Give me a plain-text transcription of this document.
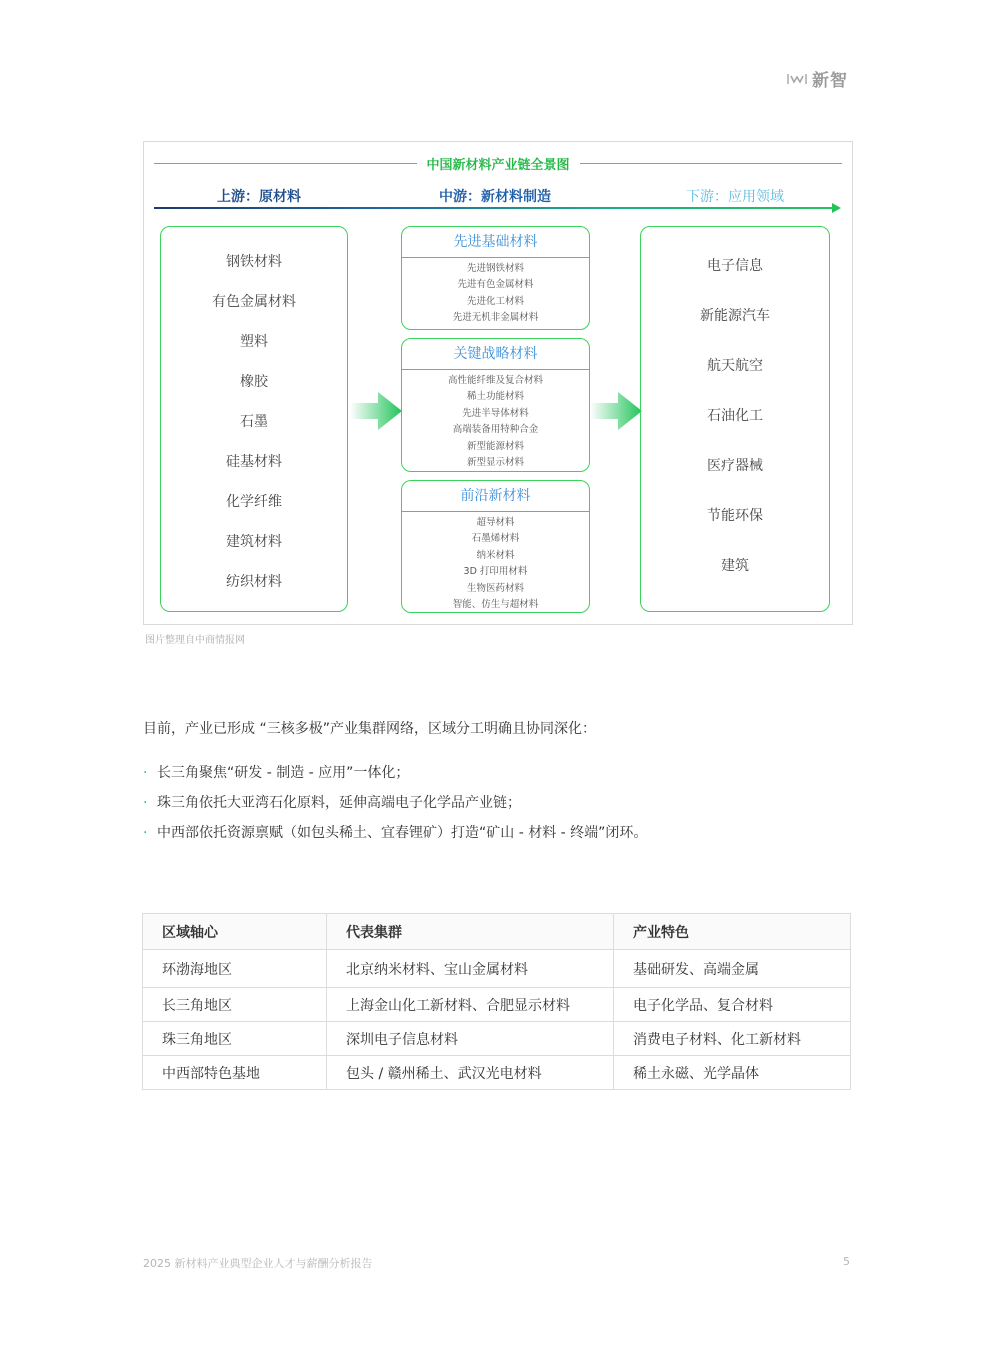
新智
中国新材料产业链全景图
上游：原材料	中游：新材料制造	下游：应用领域
钢铁材料
有色金属材料
塑料
橡胶
石墨
硅基材料
化学纤维
建筑材料
纺织材料
先进基础材料
先进钢铁材料
先进有色金属材料
先进化工材料
先进无机非金属材料
关键战略材料
高性能纤维及复合材料
稀土功能材料
先进半导体材料
高端装备用特种合金
新型能源材料
新型显示材料
前沿新材料
超导材料
石墨烯材料
纳米材料
3D 打印用材料
生物医药材料
智能、仿生与超材料
电子信息
新能源汽车
航天航空
石油化工
医疗器械
节能环保
建筑
图片整理自中商情报网

目前，产业已形成 “三核多极”产业集群网络，区域分工明确且协同深化：

· 长三角聚焦“研发 - 制造 - 应用”一体化；
· 珠三角依托大亚湾石化原料，延伸高端电子化学品产业链；
· 中西部依托资源禀赋（如包头稀土、宜春锂矿）打造“矿山 - 材料 - 终端”闭环。
区域轴心	代表集群	产业特色
环渤海地区	北京纳米材料、宝山金属材料	基础研发、高端金属
长三角地区	上海金山化工新材料、合肥显示材料	电子化学品、复合材料
珠三角地区	深圳电子信息材料	消费电子材料、化工新材料
中西部特色基地	包头 / 赣州稀土、武汉光电材料	稀土永磁、光学晶体
2025 新材料产业典型企业人才与薪酬分析报告	5
